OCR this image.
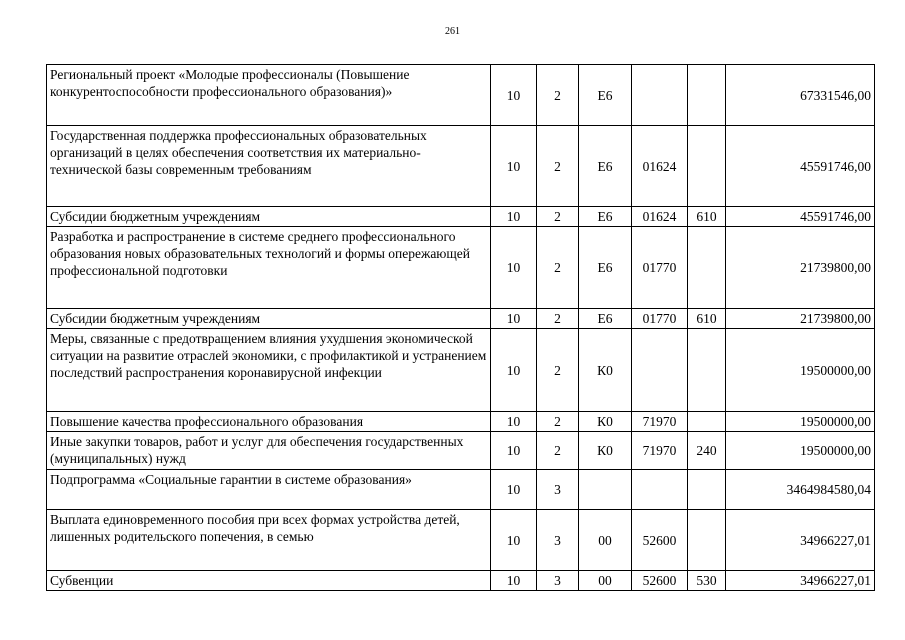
261
Региональный проект «Молодые профессионалы (Повышение конкурентоспособности профессионального образования)»	10	2	Е6			67331546,00
Государственная поддержка профессиональных образовательных организаций в целях обеспечения соответствия их материально-технической базы современным требованиям	10	2	Е6	01624		45591746,00
Субсидии бюджетным учреждениям	10	2	Е6	01624	610	45591746,00
Разработка и распространение в системе среднего профессионального образования новых образовательных технологий и формы опережающей профессиональной подготовки	10	2	Е6	01770		21739800,00
Субсидии бюджетным учреждениям	10	2	Е6	01770	610	21739800,00
Меры, связанные с предотвращением влияния ухудшения экономической ситуации на развитие отраслей экономики, с профилактикой и устранением последствий распространения коронавирусной инфекции	10	2	К0			19500000,00
Повышение качества профессионального образования	10	2	К0	71970		19500000,00
Иные закупки товаров, работ и услуг для обеспечения государственных (муниципальных) нужд	10	2	К0	71970	240	19500000,00
Подпрограмма «Социальные гарантии в системе образования»	10	3				3464984580,04
Выплата единовременного пособия при всех формах устройства детей, лишенных родительского попечения, в семью	10	3	00	52600		34966227,01
Субвенции	10	3	00	52600	530	34966227,01
